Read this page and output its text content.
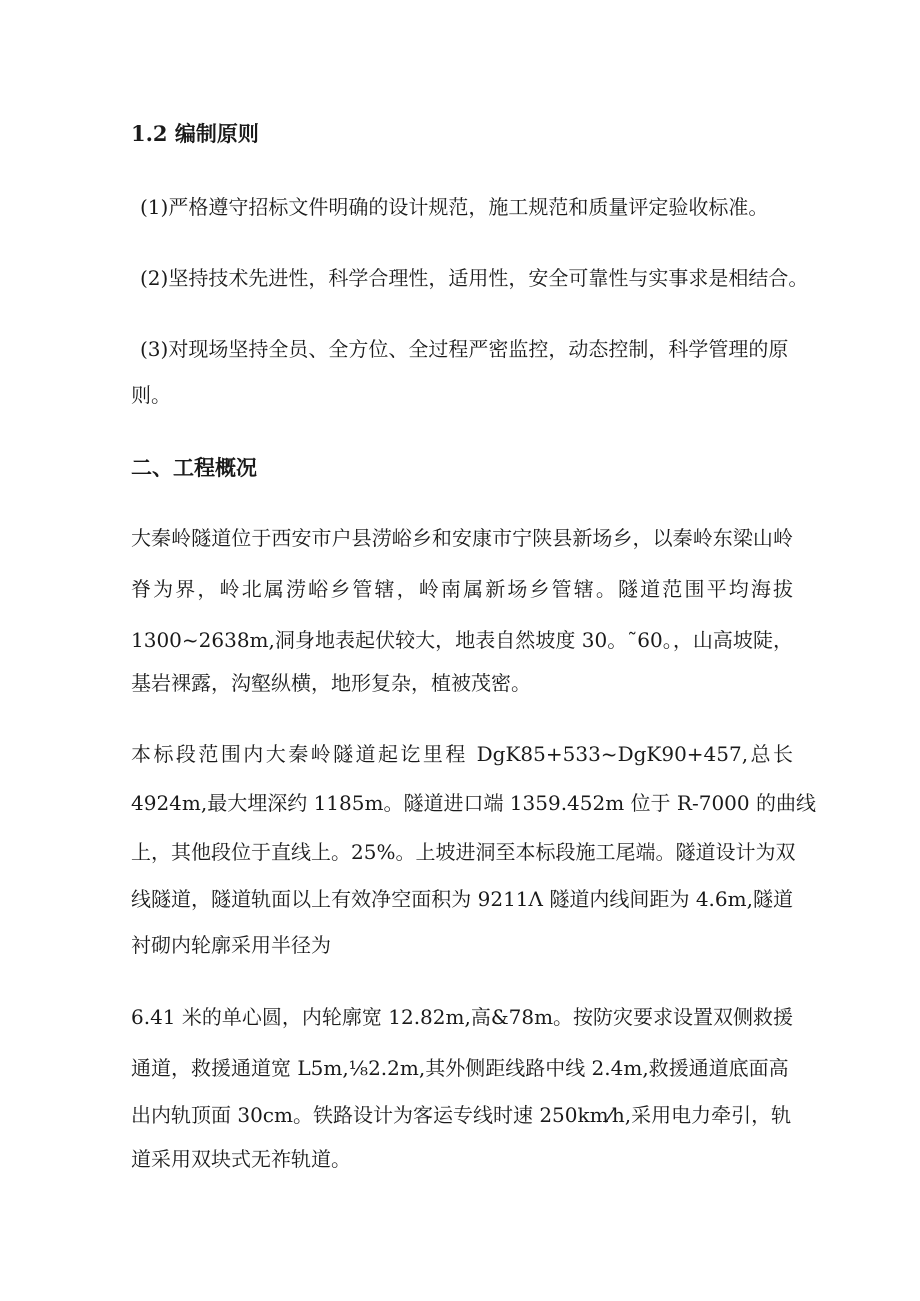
1.2 编制原则
(1)严格遵守招标文件明确的设计规范，施工规范和质量评定验收标准。
(2)坚持技术先进性，科学合理性，适用性，安全可靠性与实事求是相结合。
(3)对现场坚持全员、全方位、全过程严密监控，动态控制，科学管理的原
则。
二、工程概况
大秦岭隧道位于西安市户县涝峪乡和安康市宁陕县新场乡，以秦岭东梁山岭
脊为界，岭北属涝峪乡管辖，岭南属新场乡管辖。隧道范围平均海拔
1300~2638m,洞身地表起伏较大，地表自然坡度 30。˜60。，山高坡陡，
基岩裸露，沟壑纵横，地形复杂，植被茂密。
本标段范围内大秦岭隧道起讫里程 DgK85+533~DgK90+457,总长
4924m,最大埋深约 1185m。隧道进口端 1359.452m 位于 R-7000 的曲线
上，其他段位于直线上。25%。上坡进洞至本标段施工尾端。隧道设计为双
线隧道，隧道轨面以上有效净空面积为 9211Λ 隧道内线间距为 4.6m,隧道
衬砌内轮廓采用半径为
6.41 米的单心圆，内轮廓宽 12.82m,高&78m。按防灾要求设置双侧救援
通道，救援通道宽 L5m,⅛2.2m,其外侧距线路中线 2.4m,救援通道底面高
出内轨顶面 30cm。铁路设计为客运专线时速 250km⁄h,采用电力牵引，轨
道采用双块式无祚轨道。
